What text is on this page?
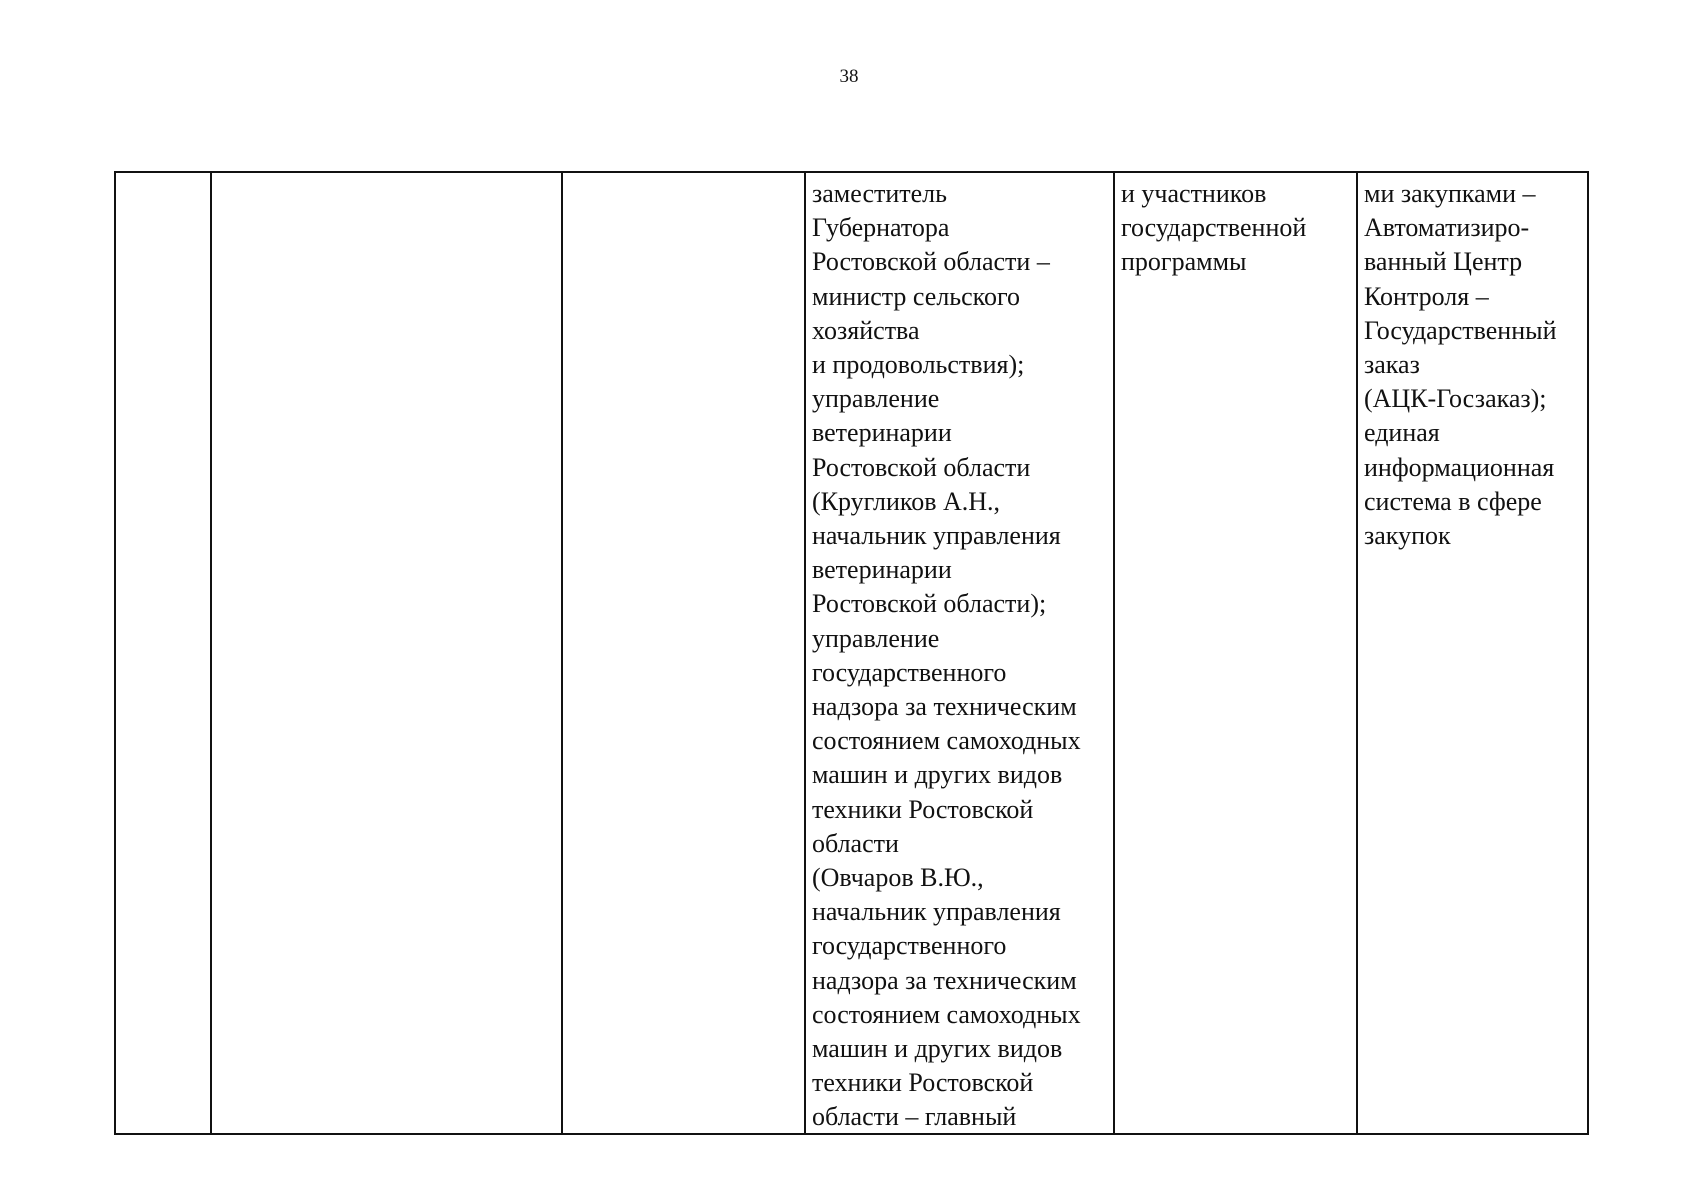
38
заместитель
Губернатора
Ростовской области –
министр сельского
хозяйства
и продовольствия);
управление
ветеринарии
Ростовской области
(Кругликов А.Н.,
начальник управления
ветеринарии
Ростовской области);
управление
государственного
надзора за техническим
состоянием самоходных
машин и других видов
техники Ростовской
области
(Овчаров В.Ю.,
начальник управления
государственного
надзора за техническим
состоянием самоходных
машин и других видов
техники Ростовской
области – главный
и участников
государственной
программы
ми закупками –
Автоматизиро-
ванный Центр
Контроля –
Государственный
заказ
(АЦК-Госзаказ);
единая
информационная
система в сфере
закупок
